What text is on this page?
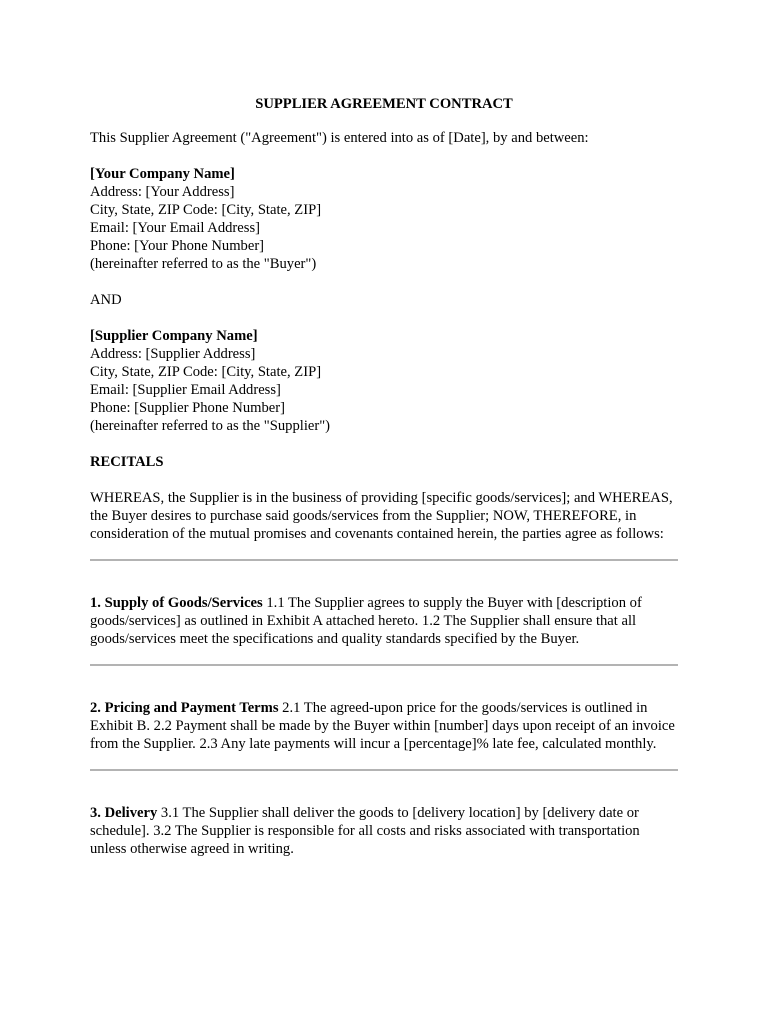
SUPPLIER AGREEMENT CONTRACT

This Supplier Agreement ("Agreement") is entered into as of [Date], by and between:

[Your Company Name]
Address: [Your Address]
City, State, ZIP Code: [City, State, ZIP]
Email: [Your Email Address]
Phone: [Your Phone Number]
(hereinafter referred to as the "Buyer")

AND

[Supplier Company Name]
Address: [Supplier Address]
City, State, ZIP Code: [City, State, ZIP]
Email: [Supplier Email Address]
Phone: [Supplier Phone Number]
(hereinafter referred to as the "Supplier")

RECITALS

WHEREAS, the Supplier is in the business of providing [specific goods/services]; and WHEREAS, the Buyer desires to purchase said goods/services from the Supplier; NOW, THEREFORE, in consideration of the mutual promises and covenants contained herein, the parties agree as follows:

1. Supply of Goods/Services 1.1 The Supplier agrees to supply the Buyer with [description of goods/services] as outlined in Exhibit A attached hereto. 1.2 The Supplier shall ensure that all goods/services meet the specifications and quality standards specified by the Buyer.

2. Pricing and Payment Terms 2.1 The agreed-upon price for the goods/services is outlined in Exhibit B. 2.2 Payment shall be made by the Buyer within [number] days upon receipt of an invoice from the Supplier. 2.3 Any late payments will incur a [percentage]% late fee, calculated monthly.

3. Delivery 3.1 The Supplier shall deliver the goods to [delivery location] by [delivery date or schedule]. 3.2 The Supplier is responsible for all costs and risks associated with transportation unless otherwise agreed in writing.
